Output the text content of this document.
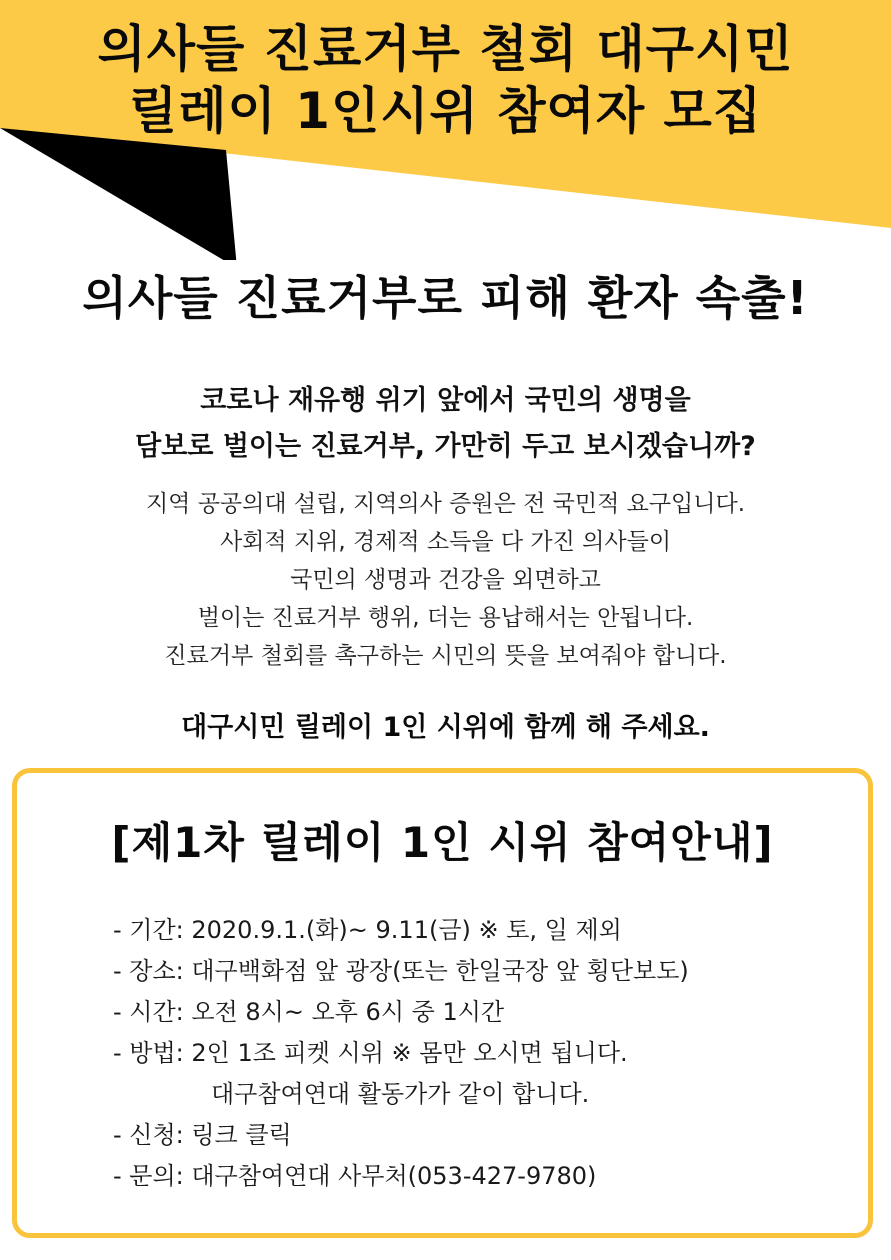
의사들 진료거부 철회 대구시민
릴레이 1인시위 참여자 모집
의사들 진료거부로 피해 환자 속출!
코로나 재유행 위기 앞에서 국민의 생명을
담보로 벌이는 진료거부, 가만히 두고 보시겠습니까?
지역 공공의대 설립, 지역의사 증원은 전 국민적 요구입니다.
사회적 지위, 경제적 소득을 다 가진 의사들이
국민의 생명과 건강을 외면하고
벌이는 진료거부 행위, 더는 용납해서는 안됩니다.
진료거부 철회를 촉구하는 시민의 뜻을 보여줘야 합니다.
대구시민 릴레이 1인 시위에 함께 해 주세요.
[제1차 릴레이 1인 시위 참여안내]
- 기간: 2020.9.1.(화)~ 9.11(금) ※ 토, 일 제외
- 장소: 대구백화점 앞 광장(또는 한일국장 앞 횡단보도)
- 시간: 오전 8시~ 오후 6시 중 1시간
- 방법: 2인 1조 피켓 시위 ※ 몸만 오시면 됩니다.
대구참여연대 활동가가 같이 합니다.
- 신청: 링크 클릭
- 문의: 대구참여연대 사무처(053-427-9780)
